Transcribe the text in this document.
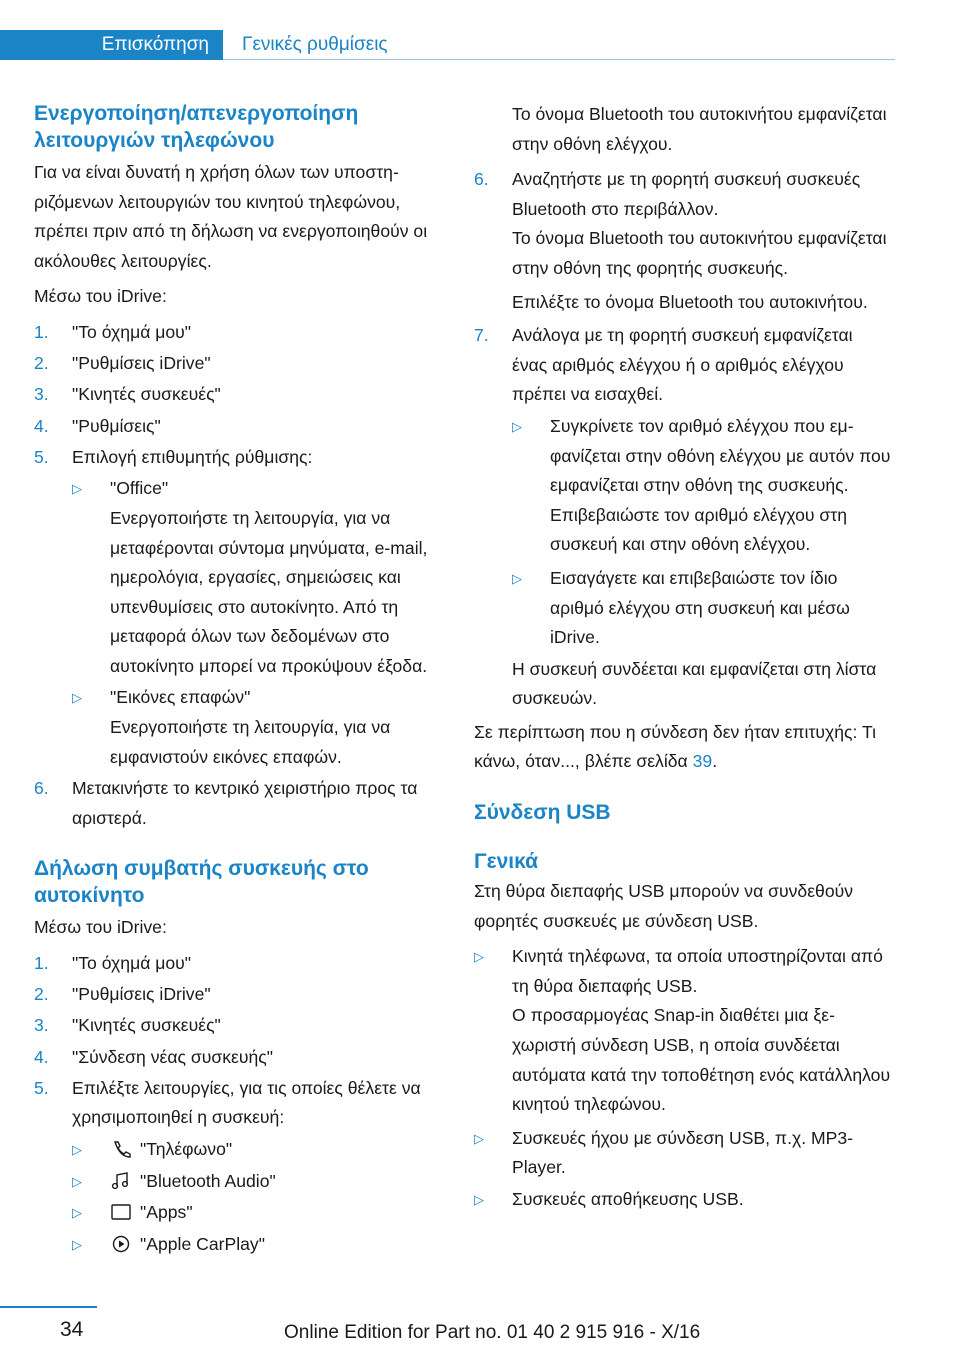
Επισκόπηση	Γενικές ρυθμίσεις
Ενεργοποίηση/απενεργοποίηση λειτουργιών τηλεφώνου

Για να είναι δυνατή η χρήση όλων των υποστηριζόμενων λειτουργιών του κινητού τηλεφώνου, πρέπει πριν από τη δήλωση να ενεργοποιηθούν οι ακόλουθες λειτουργίες.

Μέσω του iDrive:

1. "Το όχημά μου"
2. "Ρυθμίσεις iDrive"
3. "Κινητές συσκευές"
4. "Ρυθμίσεις"
5. Επιλογή επιθυμητής ρύθμισης:
▷ "Office"
Ενεργοποιήστε τη λειτουργία, για να μεταφέρονται σύντομα μηνύματα, e-mail, ημερολόγια, εργασίες, σημειώσεις και υπενθυμίσεις στο αυτοκίνητο. Από τη μεταφορά όλων των δεδομένων στο αυτοκίνητο μπορεί να προκύψουν έξοδα.
▷ "Εικόνες επαφών"
Ενεργοποιήστε τη λειτουργία, για να εμφανιστούν εικόνες επαφών.
6. Μετακινήστε το κεντρικό χειριστήριο προς τα αριστερά.
Δήλωση συμβατής συσκευής στο αυτοκίνητο

Μέσω του iDrive:

1. "Το όχημά μου"
2. "Ρυθμίσεις iDrive"
3. "Κινητές συσκευές"
4. "Σύνδεση νέας συσκευής"
5. Επιλέξτε λειτουργίες, για τις οποίες θέλετε να χρησιμοποιηθεί η συσκευή:
▷	"Τηλέφωνο"
▷	"Bluetooth Audio"
▷	"Apps"
▷	"Apple CarPlay"

Το όνομα Bluetooth του αυτοκινήτου εμφανίζεται στην οθόνη ελέγχου.

6. Αναζητήστε με τη φορητή συσκευή συσκευές Bluetooth στο περιβάλλον.

Το όνομα Bluetooth του αυτοκινήτου εμφανίζεται στην οθόνη της φορητής συσκευής.

Επιλέξτε το όνομα Bluetooth του αυτοκινήτου.

7. Ανάλογα με τη φορητή συσκευή εμφανίζεται ένας αριθμός ελέγχου ή ο αριθμός ελέγχου πρέπει να εισαχθεί.
▷ Συγκρίνετε τον αριθμό ελέγχου που εμφανίζεται στην οθόνη ελέγχου με αυτόν που εμφανίζεται στην οθόνη της συσκευής.

Επιβεβαιώστε τον αριθμό ελέγχου στη συσκευή και στην οθόνη ελέγχου.

▷ Εισαγάγετε και επιβεβαιώστε τον ίδιο αριθμό ελέγχου στη συσκευή και μέσω iDrive.

Η συσκευή συνδέεται και εμφανίζεται στη λίστα συσκευών.

Σε περίπτωση που η σύνδεση δεν ήταν επιτυχής: Τι κάνω, όταν..., βλέπε σελίδα 39.

Σύνδεση USB
Γενικά

Στη θύρα διεπαφής USB μπορούν να συνδεθούν φορητές συσκευές με σύνδεση USB.

▷ Κινητά τηλέφωνα, τα οποία υποστηρίζονται από τη θύρα διεπαφής USB.

Ο προσαρμογέας Snap-in διαθέτει μια ξεχωριστή σύνδεση USB, η οποία συνδέεται αυτόματα κατά την τοποθέτηση ενός κατάλληλου κινητού τηλεφώνου.

▷ Συσκευές ήχου με σύνδεση USB, π.χ. MP3-Player.
▷ Συσκευές αποθήκευσης USB.
34	Online Edition for Part no. 01 40 2 915 916 - X/16
